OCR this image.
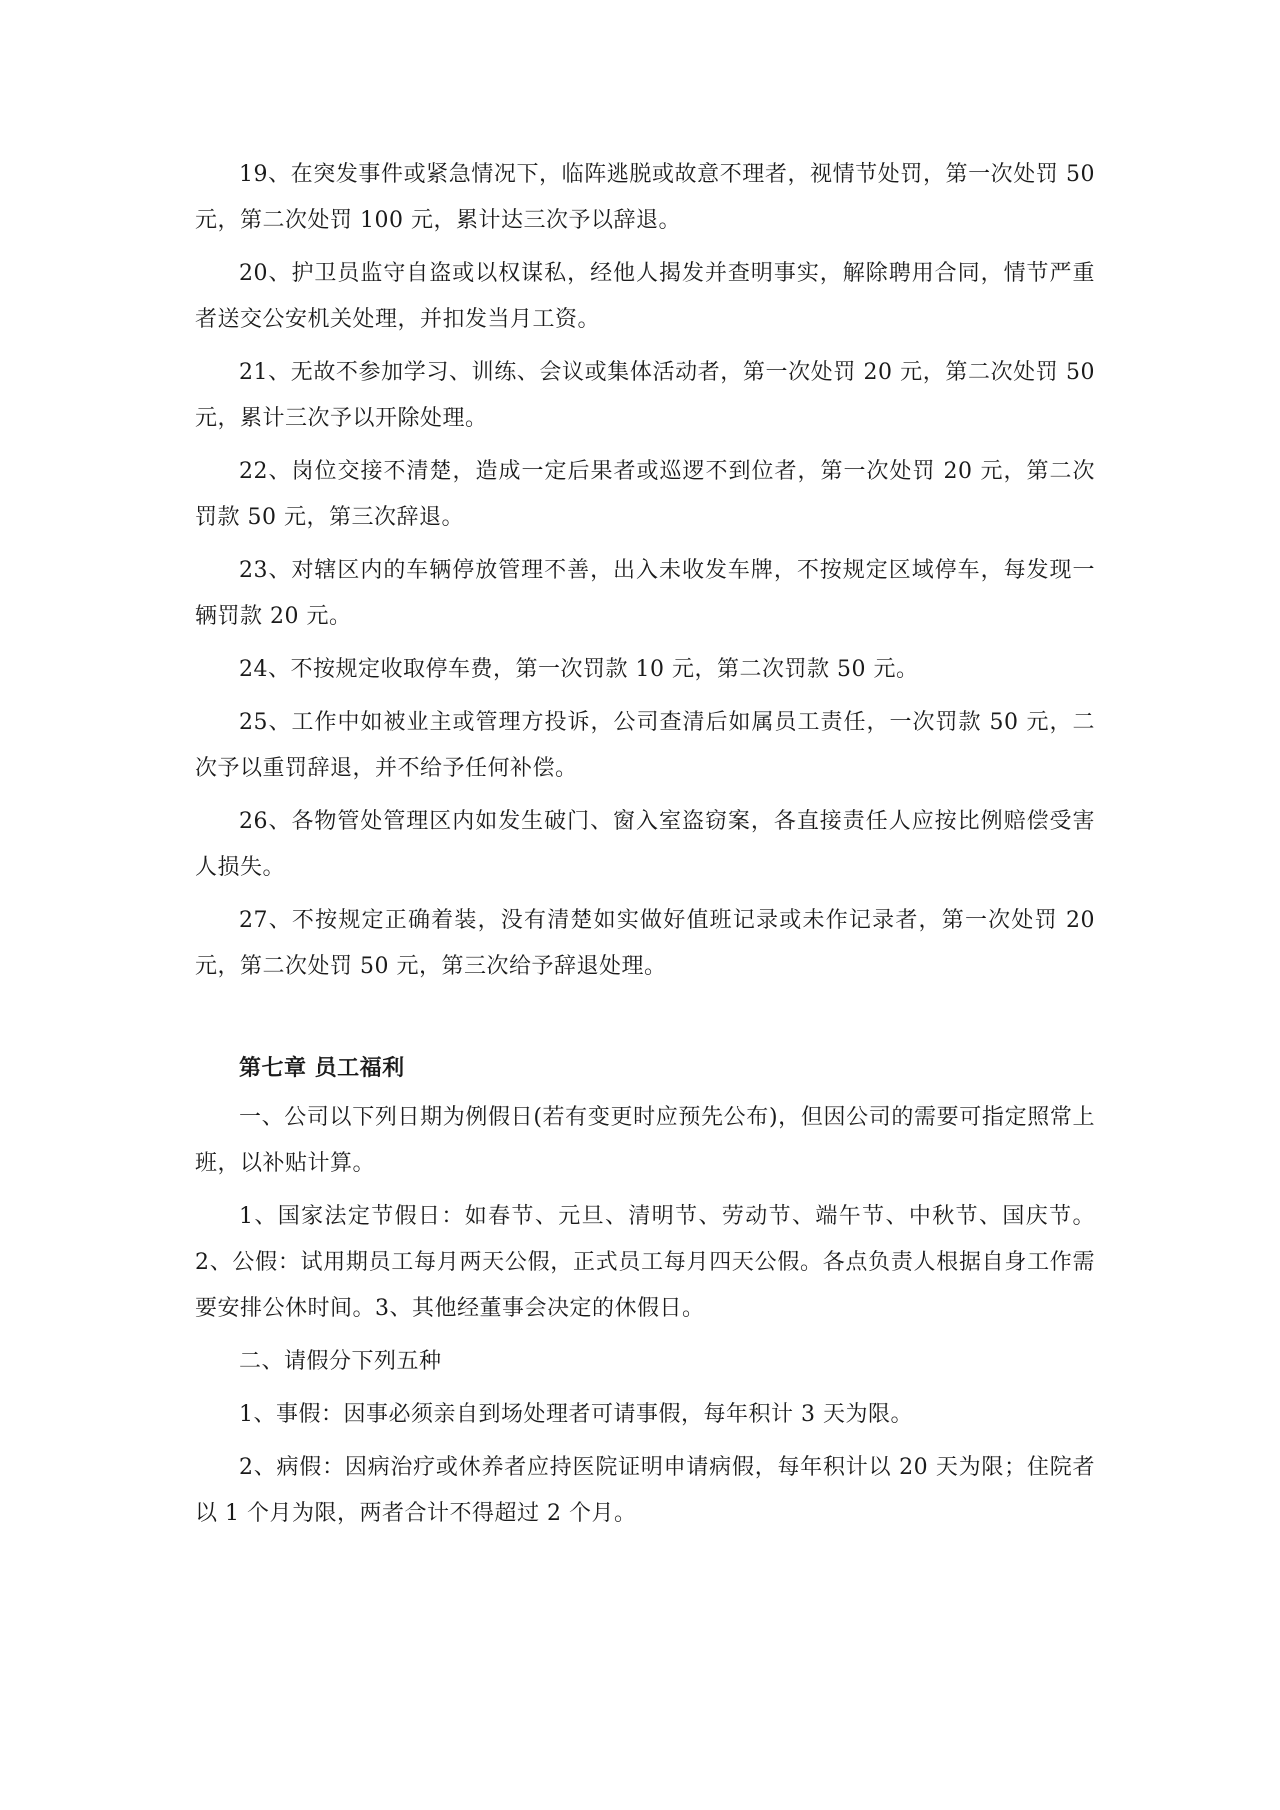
19、在突发事件或紧急情况下，临阵逃脱或故意不理者，视情节处罚，第一次处罚 50 元，第二次处罚 100 元，累计达三次予以辞退。

20、护卫员监守自盗或以权谋私，经他人揭发并查明事实，解除聘用合同，情节严重者送交公安机关处理，并扣发当月工资。

21、无故不参加学习、训练、会议或集体活动者，第一次处罚 20 元，第二次处罚 50 元，累计三次予以开除处理。

22、岗位交接不清楚，造成一定后果者或巡逻不到位者，第一次处罚 20 元，第二次罚款 50 元，第三次辞退。

23、对辖区内的车辆停放管理不善，出入未收发车牌，不按规定区域停车，每发现一辆罚款 20 元。

24、不按规定收取停车费，第一次罚款 10 元，第二次罚款 50 元。

25、工作中如被业主或管理方投诉，公司查清后如属员工责任，一次罚款 50 元，二次予以重罚辞退，并不给予任何补偿。

26、各物管处管理区内如发生破门、窗入室盗窃案，各直接责任人应按比例赔偿受害人损失。

27、不按规定正确着装，没有清楚如实做好值班记录或未作记录者，第一次处罚 20 元，第二次处罚 50 元，第三次给予辞退处理。

第七章 员工福利

一、公司以下列日期为例假日(若有变更时应预先公布)，但因公司的需要可指定照常上班，以补贴计算。

1、国家法定节假日：如春节、元旦、清明节、劳动节、端午节、中秋节、国庆节。2、公假：试用期员工每月两天公假，正式员工每月四天公假。各点负责人根据自身工作需要安排公休时间。3、其他经董事会决定的休假日。

二、请假分下列五种

1、事假：因事必须亲自到场处理者可请事假，每年积计 3 天为限。

2、病假：因病治疗或休养者应持医院证明申请病假，每年积计以 20 天为限；住院者以 1 个月为限，两者合计不得超过 2 个月。
